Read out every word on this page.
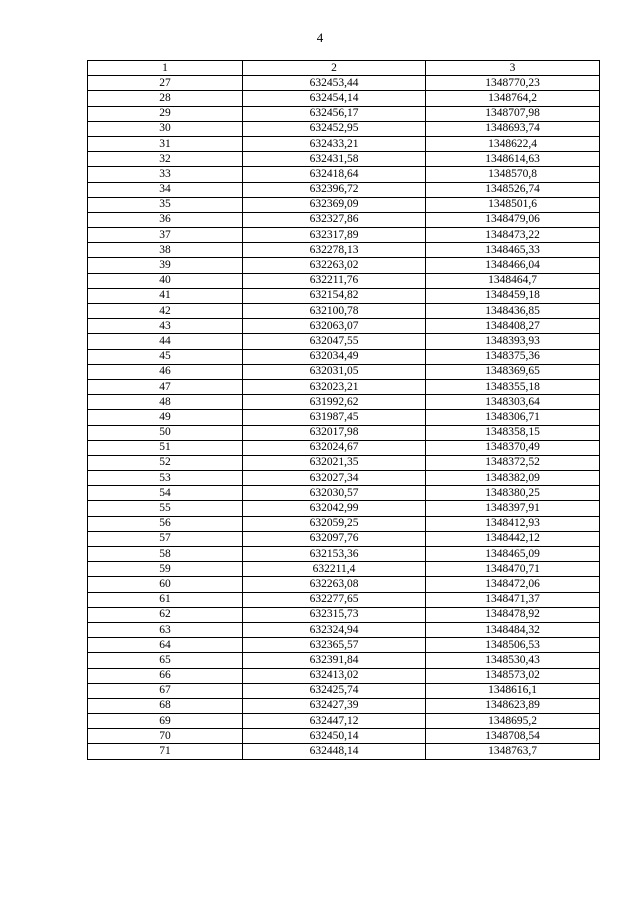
4
1	2	3
27	632453,44	1348770,23
28	632454,14	1348764,2
29	632456,17	1348707,98
30	632452,95	1348693,74
31	632433,21	1348622,4
32	632431,58	1348614,63
33	632418,64	1348570,8
34	632396,72	1348526,74
35	632369,09	1348501,6
36	632327,86	1348479,06
37	632317,89	1348473,22
38	632278,13	1348465,33
39	632263,02	1348466,04
40	632211,76	1348464,7
41	632154,82	1348459,18
42	632100,78	1348436,85
43	632063,07	1348408,27
44	632047,55	1348393,93
45	632034,49	1348375,36
46	632031,05	1348369,65
47	632023,21	1348355,18
48	631992,62	1348303,64
49	631987,45	1348306,71
50	632017,98	1348358,15
51	632024,67	1348370,49
52	632021,35	1348372,52
53	632027,34	1348382,09
54	632030,57	1348380,25
55	632042,99	1348397,91
56	632059,25	1348412,93
57	632097,76	1348442,12
58	632153,36	1348465,09
59	632211,4	1348470,71
60	632263,08	1348472,06
61	632277,65	1348471,37
62	632315,73	1348478,92
63	632324,94	1348484,32
64	632365,57	1348506,53
65	632391,84	1348530,43
66	632413,02	1348573,02
67	632425,74	1348616,1
68	632427,39	1348623,89
69	632447,12	1348695,2
70	632450,14	1348708,54
71	632448,14	1348763,7
